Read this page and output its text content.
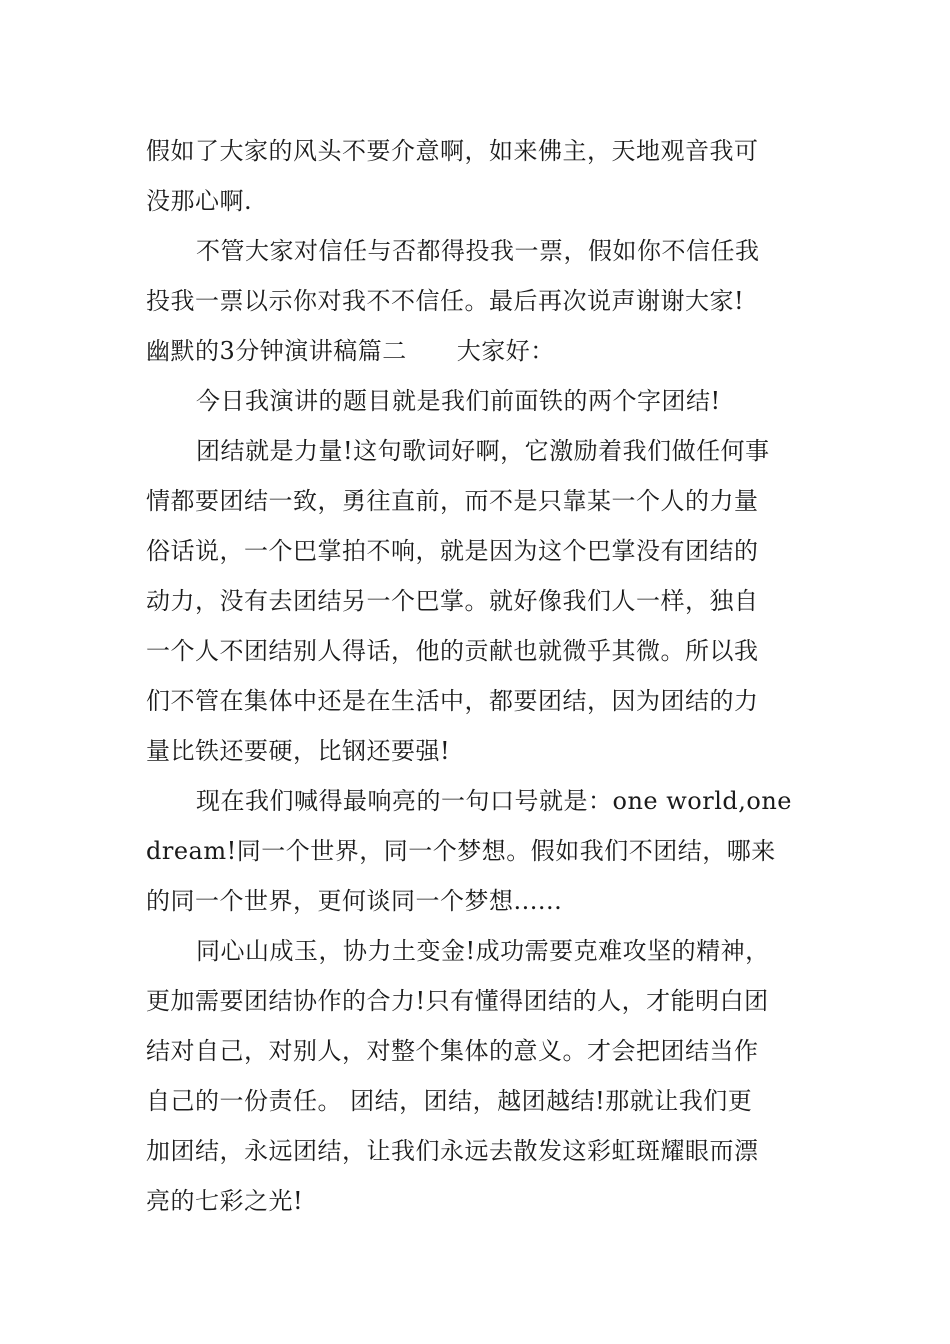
假如了大家的风头不要介意啊，如来佛主，天地观音我可
没那心啊.
不管大家对信任与否都得投我一票，假如你不信任我
投我一票以示你对我不不信任。最后再次说声谢谢大家!
幽默的3分钟演讲稿篇二 大家好：
今日我演讲的题目就是我们前面铁的两个字团结!
团结就是力量!这句歌词好啊，它激励着我们做任何事
情都要团结一致，勇往直前，而不是只靠某一个人的力量
俗话说，一个巴掌拍不响，就是因为这个巴掌没有团结的
动力，没有去团结另一个巴掌。就好像我们人一样，独自
一个人不团结别人得话，他的贡献也就微乎其微。所以我
们不管在集体中还是在生活中，都要团结，因为团结的力
量比铁还要硬，比钢还要强!
现在我们喊得最响亮的一句口号就是：one world,one
dream!同一个世界，同一个梦想。假如我们不团结，哪来
的同一个世界，更何谈同一个梦想......
同心山成玉，协力土变金!成功需要克难攻坚的精神，
更加需要团结协作的合力!只有懂得团结的人，才能明白团
结对自己，对别人，对整个集体的意义。才会把团结当作
自己的一份责任。 团结，团结，越团越结!那就让我们更
加团结，永远团结，让我们永远去散发这彩虹斑耀眼而漂
亮的七彩之光!
